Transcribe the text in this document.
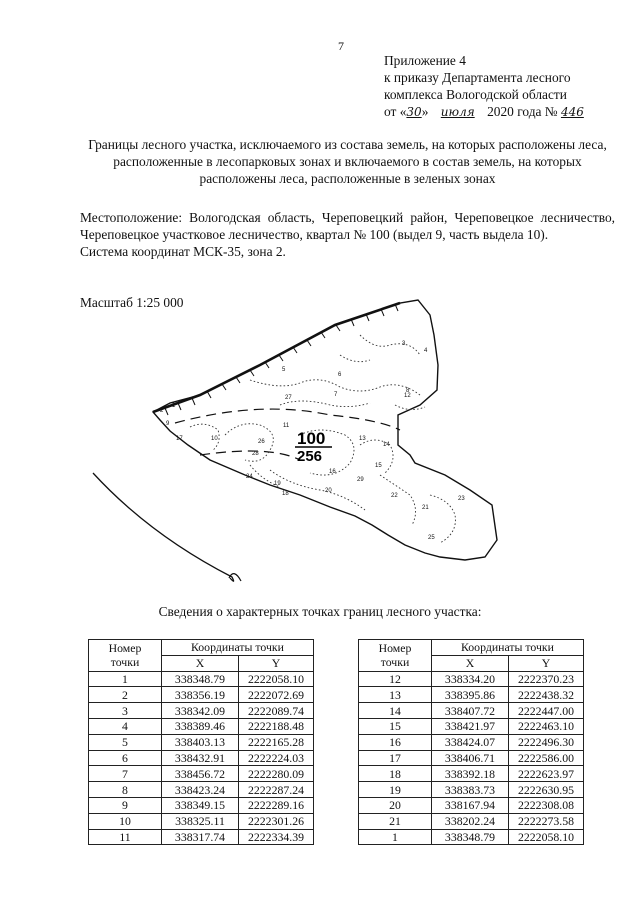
7
Приложение 4
к приказу Департамента лесного
комплекса Вологодской области
от «30» июля 2020 года № 446
Границы лесного участка, исключаемого из состава земель, на которых расположены леса, расположенные в лесопарковых зонах и включаемого в состав земель, на которых расположены леса, расположенные в зеленых зонах

Местоположение: Вологодская область, Череповецкий район, Череповецкое лесничество, Череповецкое участковое лесничество, квартал № 100 (выдел 9, часть выдела 10).

Система координат МСК-35, зона 2.

Масштаб 1:25 000
3
4
5
6
7
27
9
10
11
12
13
14
15
16
17
18
19
20
21
22	23
24
25
26
28
29
8
2
1
100
256
Сведения о характерных точках границ лесного участка:
Номер
точки	Координаты точки	
	X	Y
1	338348.79	2222058.10
2	338356.19	2222072.69
3	338342.09	2222089.74
4	338389.46	2222188.48
5	338403.13	2222165.28
6	338432.91	2222224.03
7	338456.72	2222280.09
8	338423.24	2222287.24
9	338349.15	2222289.16
10	338325.11	2222301.26
11	338317.74	2222334.39
Номер
точки	Координаты точки	
	X	Y
12	338334.20	2222370.23
13	338395.86	2222438.32
14	338407.72	2222447.00
15	338421.97	2222463.10
16	338424.07	2222496.30
17	338406.71	2222586.00
18	338392.18	2222623.97
19	338383.73	2222630.95
20	338167.94	2222308.08
21	338202.24	2222273.58
1	338348.79	2222058.10
